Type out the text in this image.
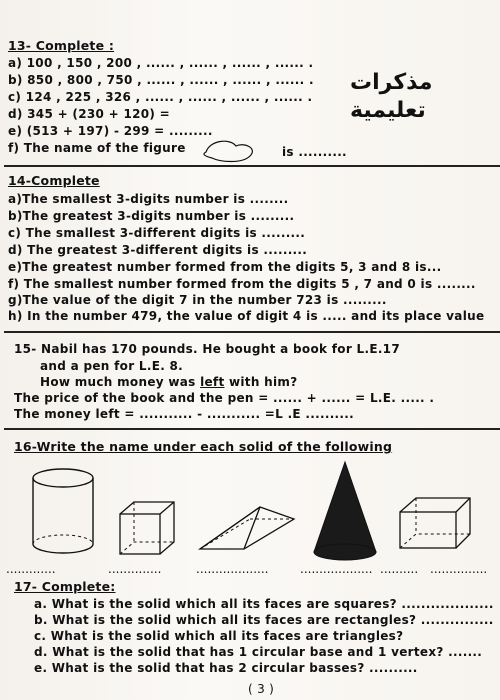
13- Complete :
a) 100 , 150 , 200 , ...... , ...... , ...... , ...... .
b) 850 , 800 , 750 , ...... , ...... , ...... , ...... .
c) 124 , 225 , 326 , ...... , ...... , ...... , ...... .
d) 345 + (230 + 120) =
e) (513 + 197) - 299 = .........
f) The name of the figure	is ..........
مذكرات
تعليمية
14-Complete
a)The smallest 3-digits number is ........
b)The greatest 3-digits number is .........
c) The smallest 3-different digits is .........
d) The greatest 3-different digits is .........
e)The greatest number formed from the digits 5, 3 and 8 is...
f) The smallest number formed from the digits 5 , 7 and 0 is ........
g)The value of the digit 7 in the number 723 is .........
h) In the number 479, the value of digit 4 is ..... and its place value
15- Nabil has 170 pounds. He bought a book for L.E.17
and a pen for L.E. 8.
How much money was left with him?
The price of the book and the pen = ...... + ...... = L.E. ..... .
The money left = ........... - ........... =L .E ..........
16-Write the name under each solid of the following
.............	..............	...................	................... .......... ...............
17- Complete:
a. What is the solid which all its faces are squares? ...................
b. What is the solid which all its faces are rectangles? ...............
c. What is the solid which all its faces are triangles?
d. What is the solid that has 1 circular base and 1 vertex? .......
e. What is the solid that has 2 circular basses? ..........
( 3 )
